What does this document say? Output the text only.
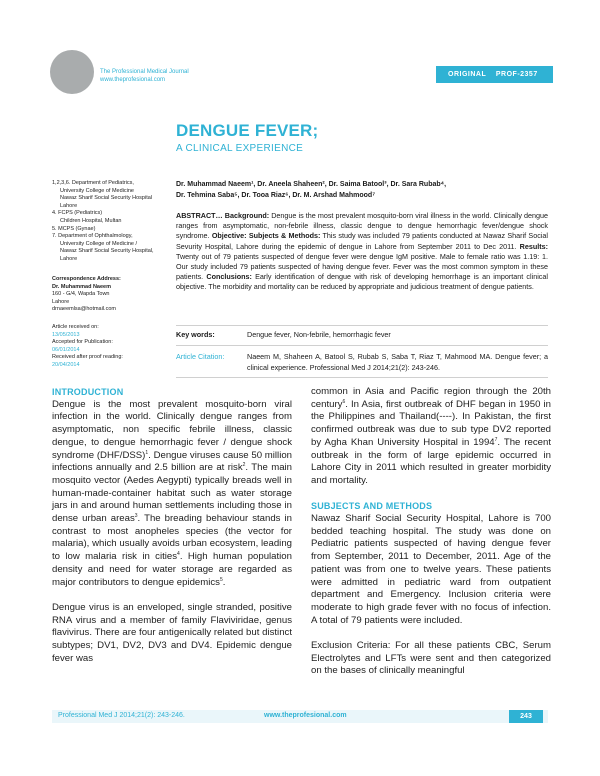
The Professional Medical Journal
www.theprofesional.com
ORIGINAL    PROF-2357
DENGUE FEVER;
A CLINICAL EXPERIENCE
1,2,3,6. Department of Pediatrics,
University College of Medicine
Nawaz Sharif Social Security Hospital
Lahore
4. FCPS (Pediatrics)
Children Hospital, Multan
5. MCPS (Gynae)
7. Department of Ophthalmology,
University College of Medicine /
Nawaz Sharif Social Security Hospital,
Lahore
Correspondence Address:
Dr. Muhammad Naeem
160 - G/4, Wapda Town
Lahore
drnaeemlsa@hotmail.com
Article received on:
13/05/2013
Accepted for Publication:
06/01/2014
Received after proof reading:
20/04/2014
Dr. Muhammad Naeem¹, Dr. Aneela Shaheen², Dr. Saima Batool³, Dr. Sara Rubab⁴,
Dr. Tehmina Saba⁵, Dr. Tooa Riaz⁶, Dr. M. Arshad Mahmood⁷
ABSTRACT… Background: Dengue is the most prevalent mosquito-born viral illness in the world. Clinically dengue ranges from asymptomatic, non-febrile illness, classic dengue to dengue hemorrhagic fever/dengue shock syndrome. Objective: Subjects & Methods: This study was included 79 patients conducted at Nawaz Sharif Social Sevurity Hospital, Lahore during the epidemic of dengue in Lahore from September 2011 to Dec 2011. Results: Twenty out of 79 patients suspected of dengue fever were dengue IgM positive. Male to female ratio was 1.19: 1. Our study included 79 patients suspected of having dengue fever. Fever was the most common symptom in these patients. Conclusions: Early identification of dengue with risk of developing hemorrhage is an important clinical objective. The morbidity and mortality can be reduced by appropriate and judicious treatment of dengue patients.
Key words:	Dengue fever, Non-febrile, hemorrhagic fever
Article Citation:	Naeem M, Shaheen A, Batool S, Rubab S, Saba T, Riaz T, Mahmood MA. Dengue fever; a clinical experience. Professional Med J 2014;21(2): 243-246.
INTRODUCTION

Dengue is the most prevalent mosquito-born viral infection in the world. Clinically dengue ranges from asymptomatic, non specific febrile illness, classic dengue, to dengue hemorrhagic fever / dengue shock syndrome $(DHF/DSS)^1$. Dengue viruses cause 50 million infections annually and 2.5 billion are at risk$^2$. The main mosquito vector (Aedes Aegypti) typically breads well in human-made-container habitat such as water storage jars in and around human settlements including those in dense urban areas$^3$. The breading behaviour stands in contrast to most anopheles species (the vector for malaria), which usually avoids urban ecosystem, leading to low malaria risk in cities$^4$. High human population density and need for water storage are regarded as major contributors to dengue epidemics$^5$.

Dengue virus is an enveloped, single stranded, positive RNA virus and a member of family Flaviviridae, genus flavivirus. There are four antigenically related but distinct subtypes; DV1, DV2, DV3 and DV4. Epidemic dengue fever was

common in Asia and Pacific region through the 20th century$^6$. In Asia, first outbreak of DHF began in 1950 in the Philippines and Thailand(----). In Pakistan, the first confirmed outbreak was due to sub type DV2 reported by Agha Khan University Hospital in 1994$^7$. The recent outbreak in the form of large epidemic occurred in Lahore City in 2011 which resulted in greater morbidity and mortality.

SUBJECTS AND METHODS

Nawaz Sharif Social Security Hospital, Lahore is 700 bedded teaching hospital. The study was done on Pediatric patients suspected of having dengue fever from September, 2011 to December, 2011. Age of the patient was from one to twelve years. These patients were admitted in pediatric ward from outpatient department and Emergency. Inclusion criteria were moderate to high grade fever with no focus of infection. A total of 79 patients were included.

Exclusion Criteria: For all these patients CBC, Serum Electrolytes and LFTs were sent and then categorized on the bases of clinically meaningful

Professional Med J 2014;21(2): 243-246.	www.theprofesional.com	243
